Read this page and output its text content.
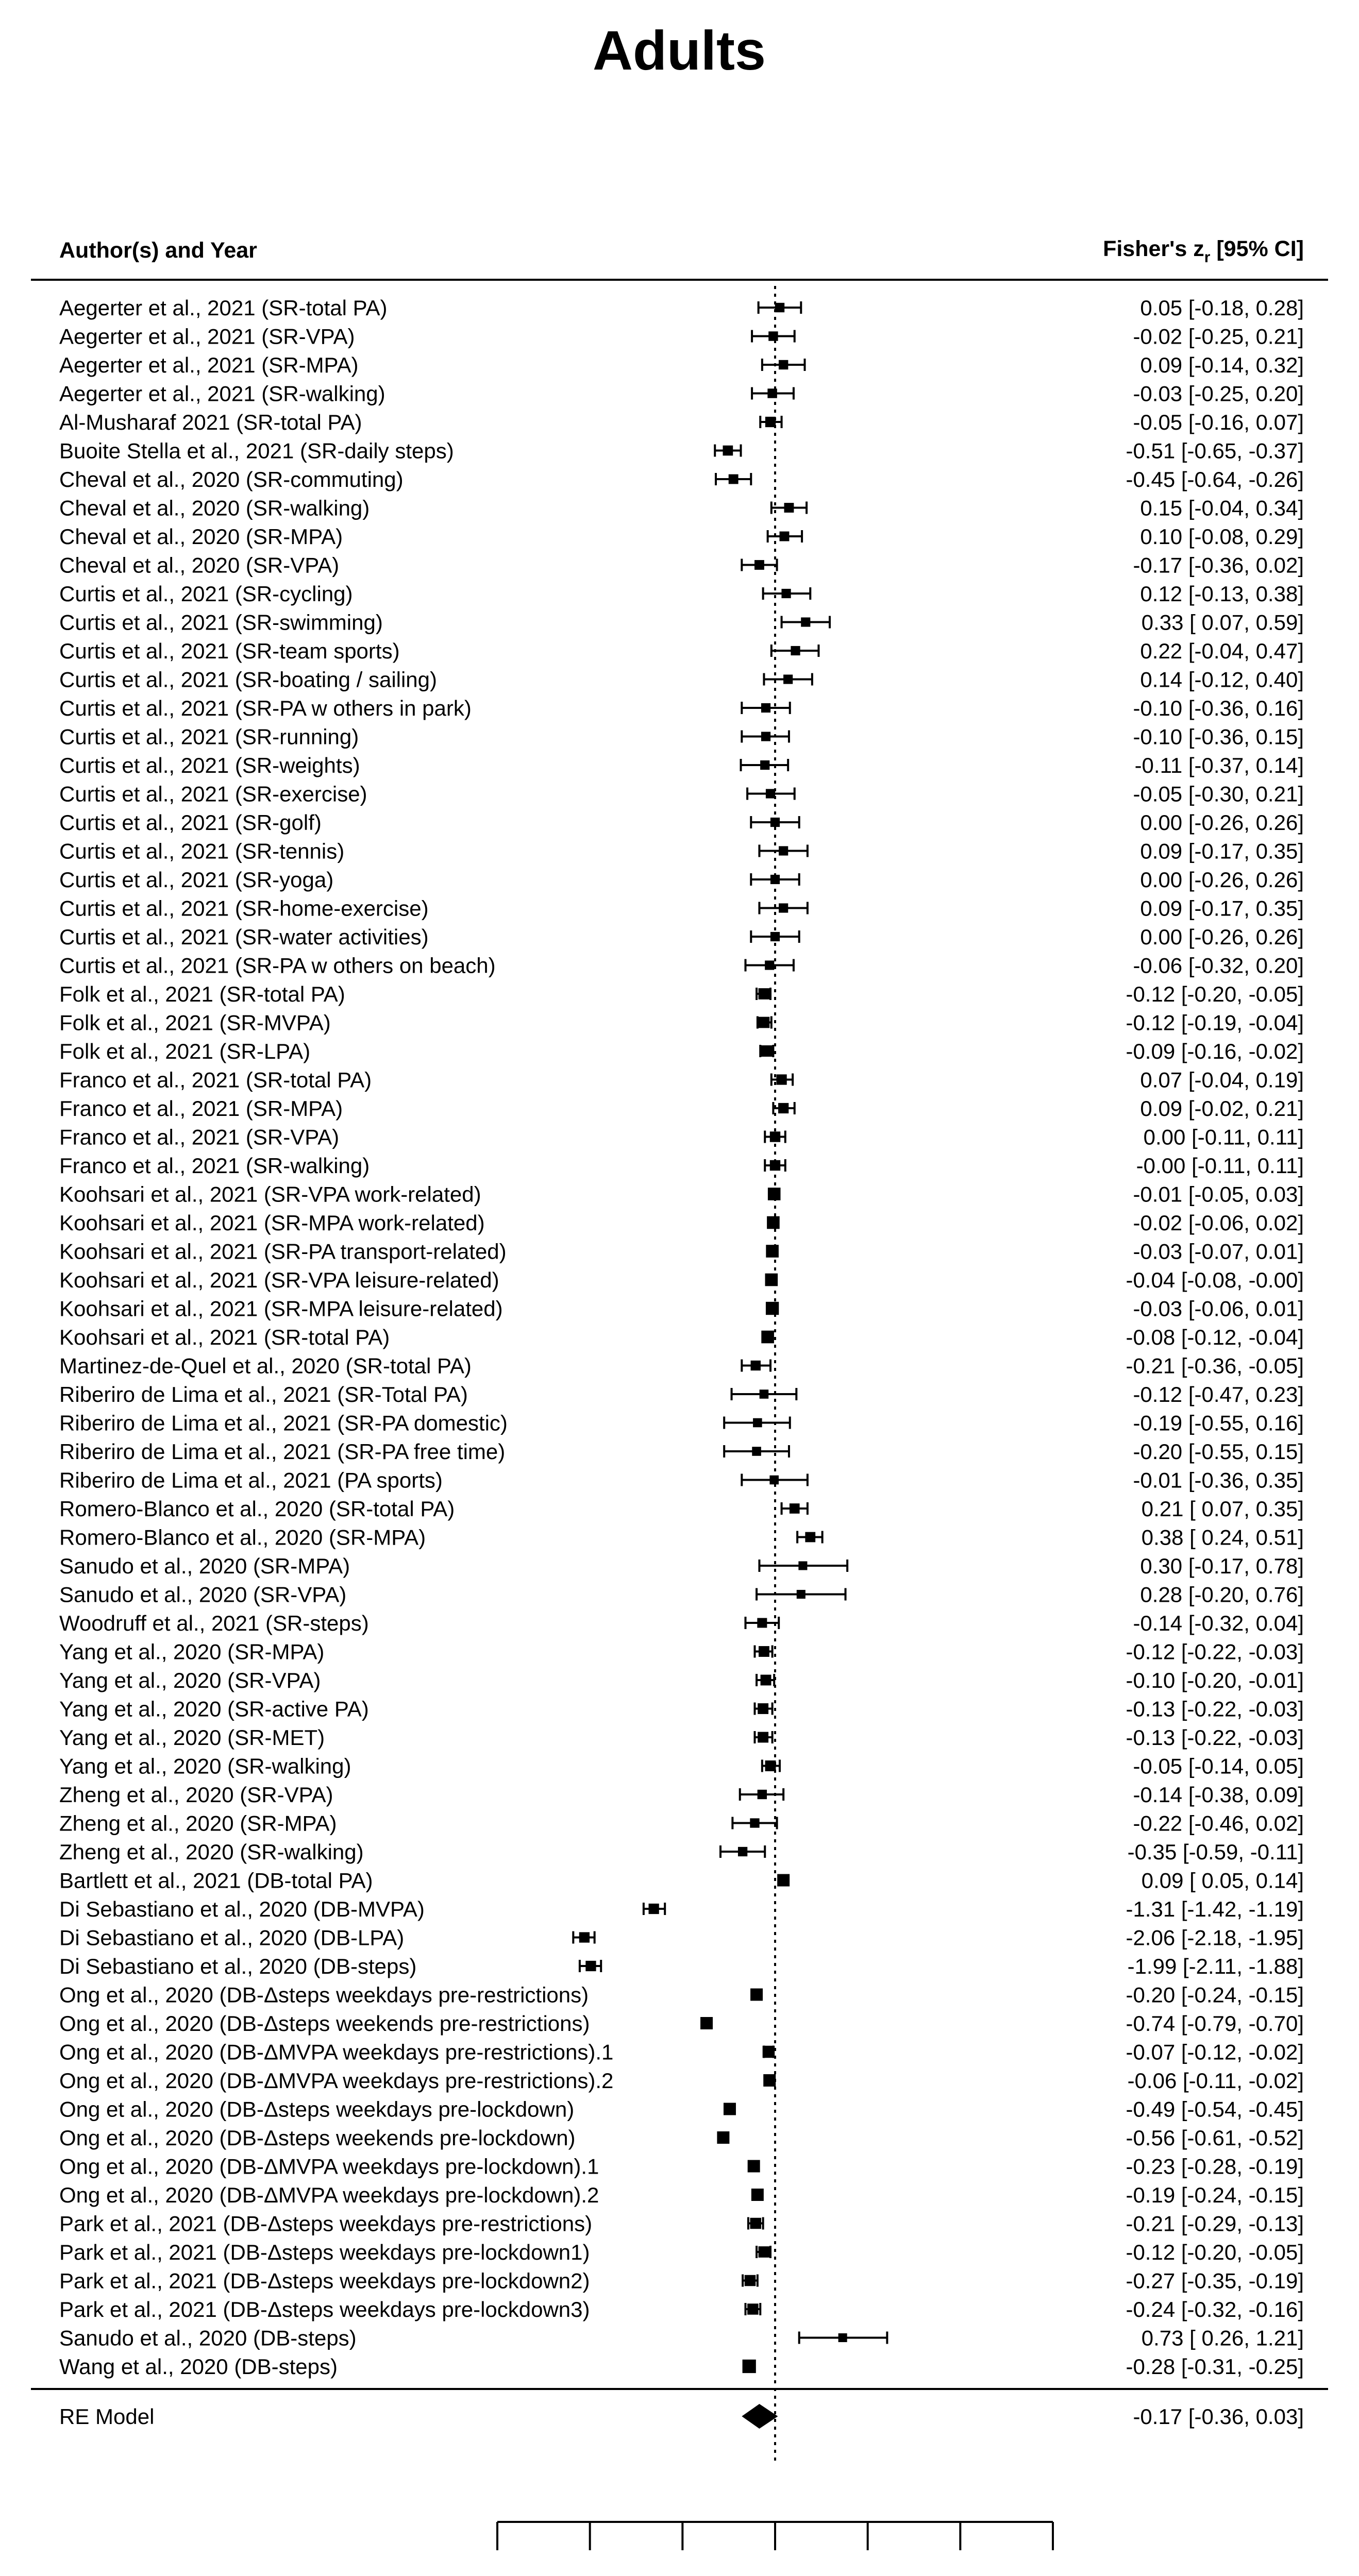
Adults
Author(s) and Year	Fisher's $z_r$ [95% CI]
Aegerter et al., 2021 (SR-total PA)	0.05 [-0.18, 0.28]
Aegerter et al., 2021 (SR-VPA)	-0.02 [-0.25, 0.21]
Aegerter et al., 2021 (SR-MPA)	0.09 [-0.14, 0.32]
Aegerter et al., 2021 (SR-walking)	-0.03 [-0.25, 0.20]
Al-Musharaf 2021 (SR-total PA)	-0.05 [-0.16, 0.07]
Buoite Stella et al., 2021 (SR-daily steps)	-0.51 [-0.65, -0.37]
Cheval et al., 2020 (SR-commuting)	-0.45 [-0.64, -0.26]
Cheval et al., 2020 (SR-walking)	0.15 [-0.04, 0.34]
Cheval et al., 2020 (SR-MPA)	0.10 [-0.08, 0.29]
Cheval et al., 2020 (SR-VPA)	-0.17 [-0.36, 0.02]
Curtis et al., 2021 (SR-cycling)	0.12 [-0.13, 0.38]
Curtis et al., 2021 (SR-swimming)	0.33 [ 0.07, 0.59]
Curtis et al., 2021 (SR-team sports)	0.22 [-0.04, 0.47]
Curtis et al., 2021 (SR-boating / sailing)	0.14 [-0.12, 0.40]
Curtis et al., 2021 (SR-PA w others in park)	-0.10 [-0.36, 0.16]
Curtis et al., 2021 (SR-running)	-0.10 [-0.36, 0.15]
Curtis et al., 2021 (SR-weights)	-0.11 [-0.37, 0.14]
Curtis et al., 2021 (SR-exercise)	-0.05 [-0.30, 0.21]
Curtis et al., 2021 (SR-golf)	0.00 [-0.26, 0.26]
Curtis et al., 2021 (SR-tennis)	0.09 [-0.17, 0.35]
Curtis et al., 2021 (SR-yoga)	0.00 [-0.26, 0.26]
Curtis et al., 2021 (SR-home-exercise)	0.09 [-0.17, 0.35]
Curtis et al., 2021 (SR-water activities)	0.00 [-0.26, 0.26]
Curtis et al., 2021 (SR-PA w others on beach)	-0.06 [-0.32, 0.20]
Folk et al., 2021 (SR-total PA)	-0.12 [-0.20, -0.05]
Folk et al., 2021 (SR-MVPA)	-0.12 [-0.19, -0.04]
Folk et al., 2021 (SR-LPA)	-0.09 [-0.16, -0.02]
Franco et al., 2021 (SR-total PA)	0.07 [-0.04, 0.19]
Franco et al., 2021 (SR-MPA)	0.09 [-0.02, 0.21]
Franco et al., 2021 (SR-VPA)	0.00 [-0.11, 0.11]
Franco et al., 2021 (SR-walking)	-0.00 [-0.11, 0.11]
Koohsari et al., 2021 (SR-VPA work-related)	-0.01 [-0.05, 0.03]
Koohsari et al., 2021 (SR-MPA work-related)	-0.02 [-0.06, 0.02]
Koohsari et al., 2021 (SR-PA transport-related)	-0.03 [-0.07, 0.01]
Koohsari et al., 2021 (SR-VPA leisure-related)	-0.04 [-0.08, -0.00]
Koohsari et al., 2021 (SR-MPA leisure-related)	-0.03 [-0.06, 0.01]
Koohsari et al., 2021 (SR-total PA)	-0.08 [-0.12, -0.04]
Martinez-de-Quel et al., 2020 (SR-total PA)	-0.21 [-0.36, -0.05]
Riberiro de Lima et al., 2021 (SR-Total PA)	-0.12 [-0.47, 0.23]
Riberiro de Lima et al., 2021 (SR-PA domestic)	-0.19 [-0.55, 0.16]
Riberiro de Lima et al., 2021 (SR-PA free time)	-0.20 [-0.55, 0.15]
Riberiro de Lima et al., 2021 (PA sports)	-0.01 [-0.36, 0.35]
Romero-Blanco et al., 2020 (SR-total PA)	0.21 [ 0.07, 0.35]
Romero-Blanco et al., 2020 (SR-MPA)	0.38 [ 0.24, 0.51]
Sanudo et al., 2020 (SR-MPA)	0.30 [-0.17, 0.78]
Sanudo et al., 2020 (SR-VPA)	0.28 [-0.20, 0.76]
Woodruff et al., 2021 (SR-steps)	-0.14 [-0.32, 0.04]
Yang et al., 2020 (SR-MPA)	-0.12 [-0.22, -0.03]
Yang et al., 2020 (SR-VPA)	-0.10 [-0.20, -0.01]
Yang et al., 2020 (SR-active PA)	-0.13 [-0.22, -0.03]
Yang et al., 2020 (SR-MET)	-0.13 [-0.22, -0.03]
Yang et al., 2020 (SR-walking)	-0.05 [-0.14, 0.05]
Zheng et al., 2020 (SR-VPA)	-0.14 [-0.38, 0.09]
Zheng et al., 2020 (SR-MPA)	-0.22 [-0.46, 0.02]
Zheng et al., 2020 (SR-walking)	-0.35 [-0.59, -0.11]
Bartlett et al., 2021 (DB-total PA)	0.09 [ 0.05, 0.14]
Di Sebastiano et al., 2020 (DB-MVPA)	-1.31 [-1.42, -1.19]
Di Sebastiano et al., 2020 (DB-LPA)	-2.06 [-2.18, -1.95]
Di Sebastiano et al., 2020 (DB-steps)	-1.99 [-2.11, -1.88]
Ong et al., 2020 (DB-Δsteps weekdays pre-restrictions)	-0.20 [-0.24, -0.15]
Ong et al., 2020 (DB-Δsteps weekends pre-restrictions)	-0.74 [-0.79, -0.70]
Ong et al., 2020 (DB-ΔMVPA weekdays pre-restrictions).1	-0.07 [-0.12, -0.02]
Ong et al., 2020 (DB-ΔMVPA weekdays pre-restrictions).2	-0.06 [-0.11, -0.02]
Ong et al., 2020 (DB-Δsteps weekdays pre-lockdown)	-0.49 [-0.54, -0.45]
Ong et al., 2020 (DB-Δsteps weekends pre-lockdown)	-0.56 [-0.61, -0.52]
Ong et al., 2020 (DB-ΔMVPA weekdays pre-lockdown).1	-0.23 [-0.28, -0.19]
Ong et al., 2020 (DB-ΔMVPA weekdays pre-lockdown).2	-0.19 [-0.24, -0.15]
Park et al., 2021 (DB-Δsteps weekdays pre-restrictions)	-0.21 [-0.29, -0.13]
Park et al., 2021 (DB-Δsteps weekdays pre-lockdown1)	-0.12 [-0.20, -0.05]
Park et al., 2021 (DB-Δsteps weekdays pre-lockdown2)	-0.27 [-0.35, -0.19]
Park et al., 2021 (DB-Δsteps weekdays pre-lockdown3)	-0.24 [-0.32, -0.16]
Sanudo et al., 2020 (DB-steps)	0.73 [ 0.26, 1.21]
Wang et al., 2020 (DB-steps)	-0.28 [-0.31, -0.25]
RE Model	-0.17 [-0.36, 0.03]
